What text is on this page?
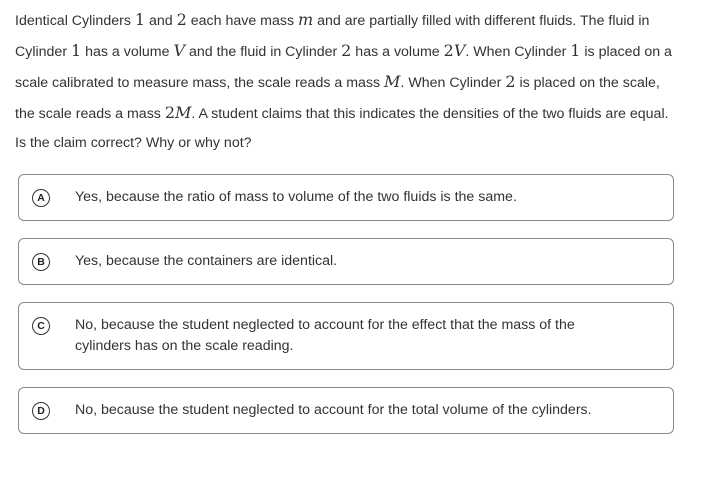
Identical Cylinders 1 and 2 each have mass m and are partially filled with different fluids. The fluid in Cylinder 1 has a volume V and the fluid in Cylinder 2 has a volume 2V. When Cylinder 1 is placed on a scale calibrated to measure mass, the scale reads a mass M. When Cylinder 2 is placed on the scale, the scale reads a mass 2M. A student claims that this indicates the densities of the two fluids are equal. Is the claim correct? Why or why not?
A	Yes, because the ratio of mass to volume of the two fluids is the same.
B	Yes, because the containers are identical.
C	No, because the student neglected to account for the effect that the mass of the cylinders has on the scale reading.
D	No, because the student neglected to account for the total volume of the cylinders.
